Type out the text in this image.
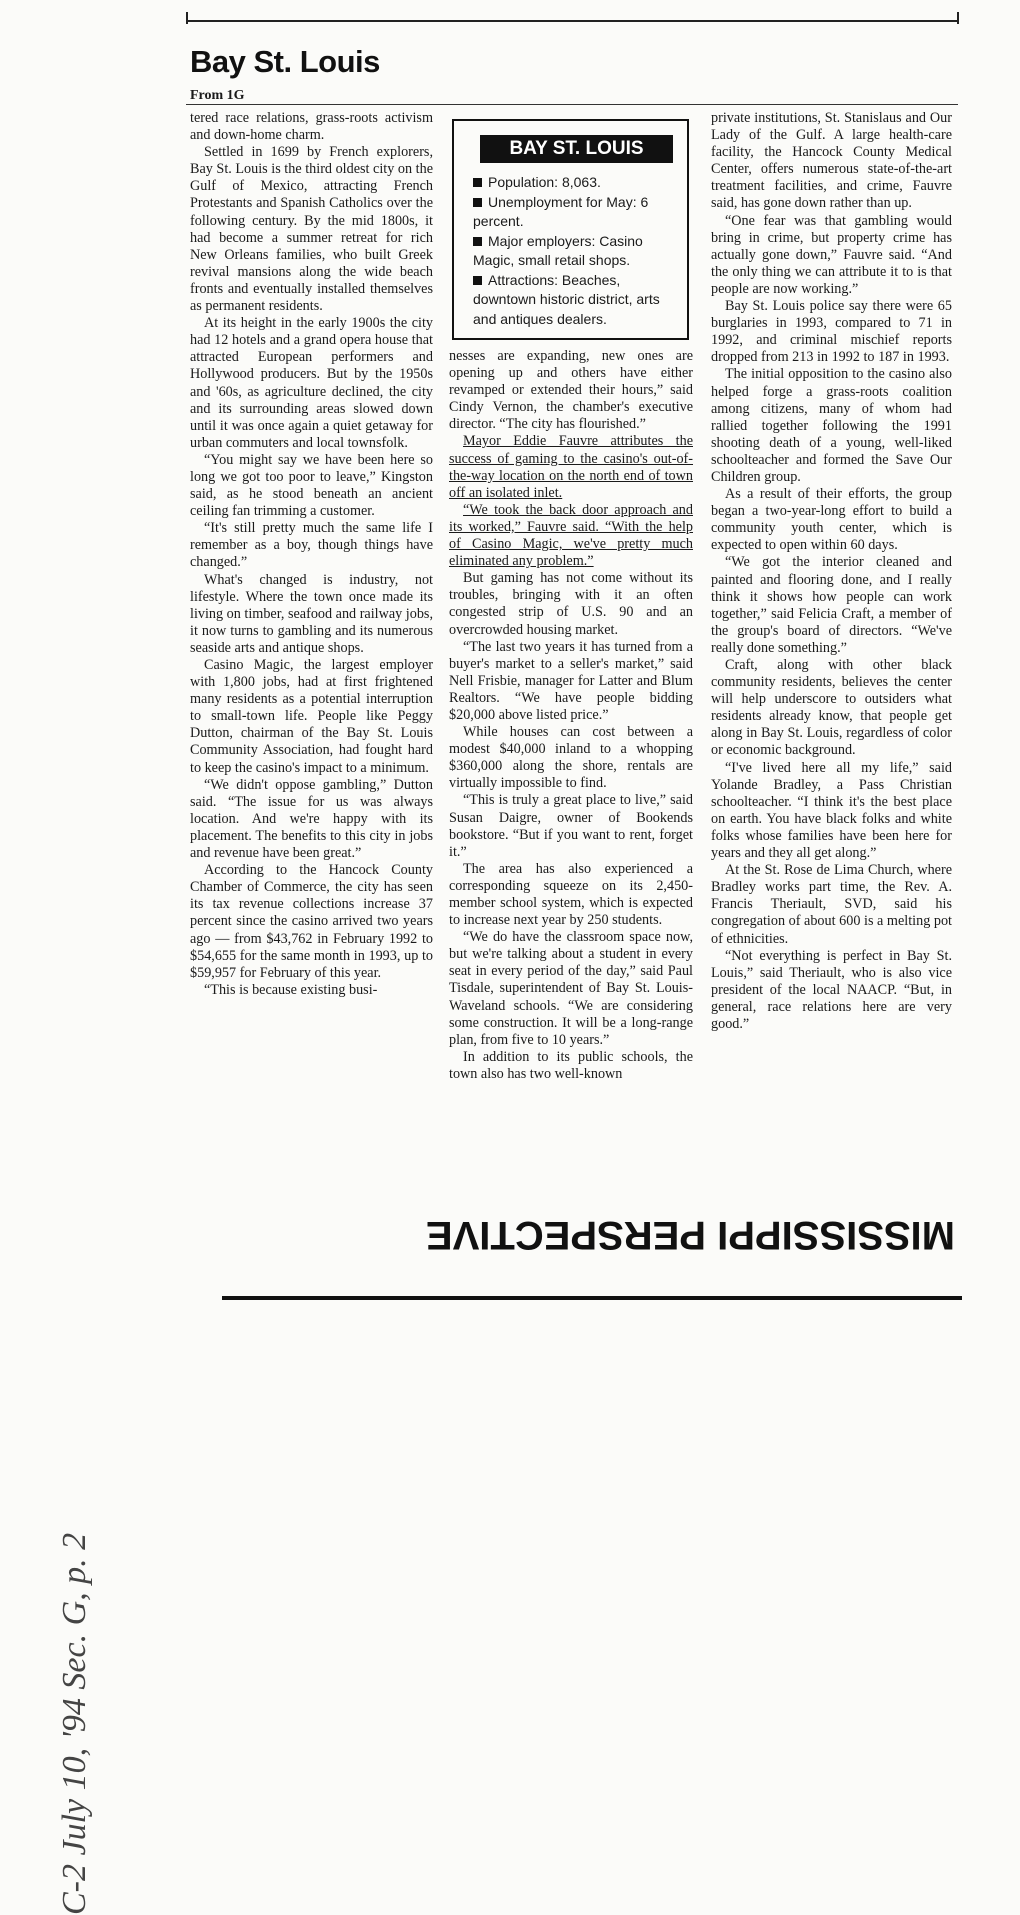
Bay St. Louis
From 1G

tered race relations, grass-roots activism and down-home charm.

Settled in 1699 by French explorers, Bay St. Louis is the third oldest city on the Gulf of Mexico, attracting French Protestants and Spanish Catholics over the following century. By the mid 1800s, it had become a summer retreat for rich New Orleans families, who built Greek revival mansions along the wide beach fronts and eventually installed themselves as permanent residents.

At its height in the early 1900s the city had 12 hotels and a grand opera house that attracted European performers and Hollywood producers. But by the 1950s and '60s, as agriculture declined, the city and its surrounding areas slowed down until it was once again a quiet getaway for urban commuters and local townsfolk.

“You might say we have been here so long we got too poor to leave,” Kingston said, as he stood beneath an ancient ceiling fan trimming a customer.

“It's still pretty much the same life I remember as a boy, though things have changed.”

What's changed is industry, not lifestyle. Where the town once made its living on timber, seafood and railway jobs, it now turns to gambling and its numerous seaside arts and antique shops.

Casino Magic, the largest employer with 1,800 jobs, had at first frightened many residents as a potential interruption to small-town life. People like Peggy Dutton, chairman of the Bay St. Louis Community Association, had fought hard to keep the casino's impact to a minimum.

“We didn't oppose gambling,” Dutton said. “The issue for us was always location. And we're happy with its placement. The benefits to this city in jobs and revenue have been great.”

According to the Hancock County Chamber of Commerce, the city has seen its tax revenue collections increase 37 percent since the casino arrived two years ago — from $43,762 in February 1992 to $54,655 for the same month in 1993, up to $59,957 for February of this year.

“This is because existing busi-

BAY ST. LOUIS
Population: 8,063.
Unemployment for May: 6 percent.
Major employers: Casino Magic, small retail shops.
Attractions: Beaches, downtown historic district, arts and antiques dealers.

nesses are expanding, new ones are opening up and others have either revamped or extended their hours,” said Cindy Vernon, the chamber's executive director. “The city has flourished.”

Mayor Eddie Fauvre attributes the success of gaming to the casino's out-of-the-way location on the north end of town off an isolated inlet.

“We took the back door approach and its worked,” Fauvre said. “With the help of Casino Magic, we've pretty much eliminated any problem.”

But gaming has not come without its troubles, bringing with it an often congested strip of U.S. 90 and an overcrowded housing market.

“The last two years it has turned from a buyer's market to a seller's market,” said Nell Frisbie, manager for Latter and Blum Realtors. “We have people bidding $20,000 above listed price.”

While houses can cost between a modest $40,000 inland to a whopping $360,000 along the shore, rentals are virtually impossible to find.

“This is truly a great place to live,” said Susan Daigre, owner of Bookends bookstore. “But if you want to rent, forget it.”

The area has also experienced a corresponding squeeze on its 2,450-member school system, which is expected to increase next year by 250 students.

“We do have the classroom space now, but we're talking about a student in every seat in every period of the day,” said Paul Tisdale, superintendent of Bay St. Louis-Waveland schools. “We are considering some construction. It will be a long-range plan, from five to 10 years.”

In addition to its public schools, the town also has two well-known

private institutions, St. Stanislaus and Our Lady of the Gulf. A large health-care facility, the Hancock County Medical Center, offers numerous state-of-the-art treatment facilities, and crime, Fauvre said, has gone down rather than up.

“One fear was that gambling would bring in crime, but property crime has actually gone down,” Fauvre said. “And the only thing we can attribute it to is that people are now working.”

Bay St. Louis police say there were 65 burglaries in 1993, compared to 71 in 1992, and criminal mischief reports dropped from 213 in 1992 to 187 in 1993.

The initial opposition to the casino also helped forge a grass-roots coalition among citizens, many of whom had rallied together following the 1991 shooting death of a young, well-liked schoolteacher and formed the Save Our Children group.

As a result of their efforts, the group began a two-year-long effort to build a community youth center, which is expected to open within 60 days.

“We got the interior cleaned and painted and flooring done, and I really think it shows how people can work together,” said Felicia Craft, a member of the group's board of directors. “We've really done something.”

Craft, along with other black community residents, believes the center will help underscore to outsiders what residents already know, that people get along in Bay St. Louis, regardless of color or economic background.

“I've lived here all my life,” said Yolande Bradley, a Pass Christian schoolteacher. “I think it's the best place on earth. You have black folks and white folks whose families have been here for years and they all get along.”

At the St. Rose de Lima Church, where Bradley works part time, the Rev. A. Francis Theriault, SVD, said his congregation of about 600 is a melting pot of ethnicities.

“Not everything is perfect in Bay St. Louis,” said Theriault, who is also vice president of the local NAACP. “But, in general, race relations here are very good.”

C-2 July 10, '94 Sec. G, p. 2
MISSISSIPPI PERSPECTIVE
